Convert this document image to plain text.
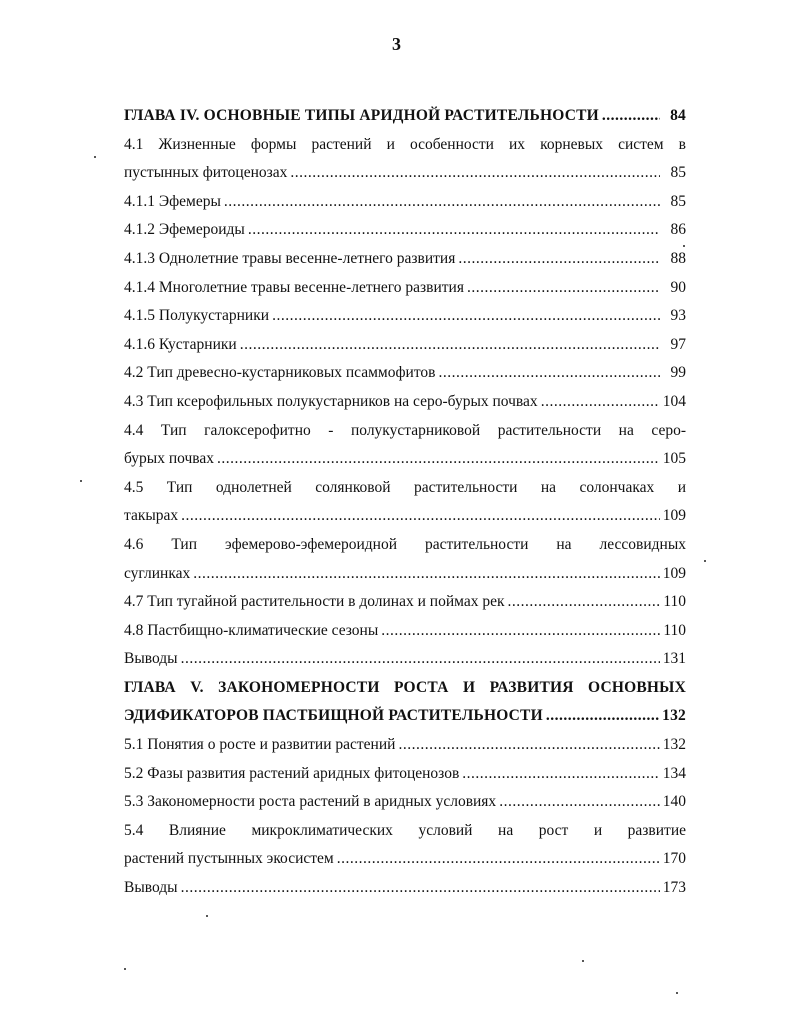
3
ГЛАВА IV. ОСНОВНЫЕ ТИПЫ АРИДНОЙ РАСТИТЕЛЬНОСТИ .....	84
4.1 Жизненные формы растений и особенности их корневых систем в
пустынных фитоценозах .....	85
4.1.1 Эфемеры .....	85
4.1.2 Эфемероиды .....	86
4.1.3 Однолетние травы весенне-летнего развития .....	88
4.1.4 Многолетние травы весенне-летнего развития .....	90
4.1.5 Полукустарники .....	93
4.1.6 Кустарники .....	97
4.2 Тип древесно-кустарниковых псаммофитов .....	99
4.3 Тип ксерофильных полукустарников на серо-бурых почвах .....	104
4.4 Тип галоксерофитно - полукустарниковой растительности на серо-
бурых почвах .....	105
4.5 Тип однолетней солянковой растительности на солончаках и
такырах .....	109
4.6 Тип эфемерово-эфемероидной растительности на лессовидных
суглинках .....	109
4.7 Тип тугайной растительности в долинах и поймах рек .....	110
4.8 Пастбищно-климатические сезоны .....	110
Выводы .....	131
ГЛАВА V. ЗАКОНОМЕРНОСТИ РОСТА И РАЗВИТИЯ ОСНОВНЫХ
ЭДИФИКАТОРОВ ПАСТБИЩНОЙ РАСТИТЕЛЬНОСТИ .....	132
5.1 Понятия о росте и развитии растений .....	132
5.2 Фазы развития растений аридных фитоценозов .....	134
5.3 Закономерности роста растений в аридных условиях .....	140
5.4 Влияние микроклиматических условий на рост и развитие
растений пустынных экосистем .....	170
Выводы .....	173
